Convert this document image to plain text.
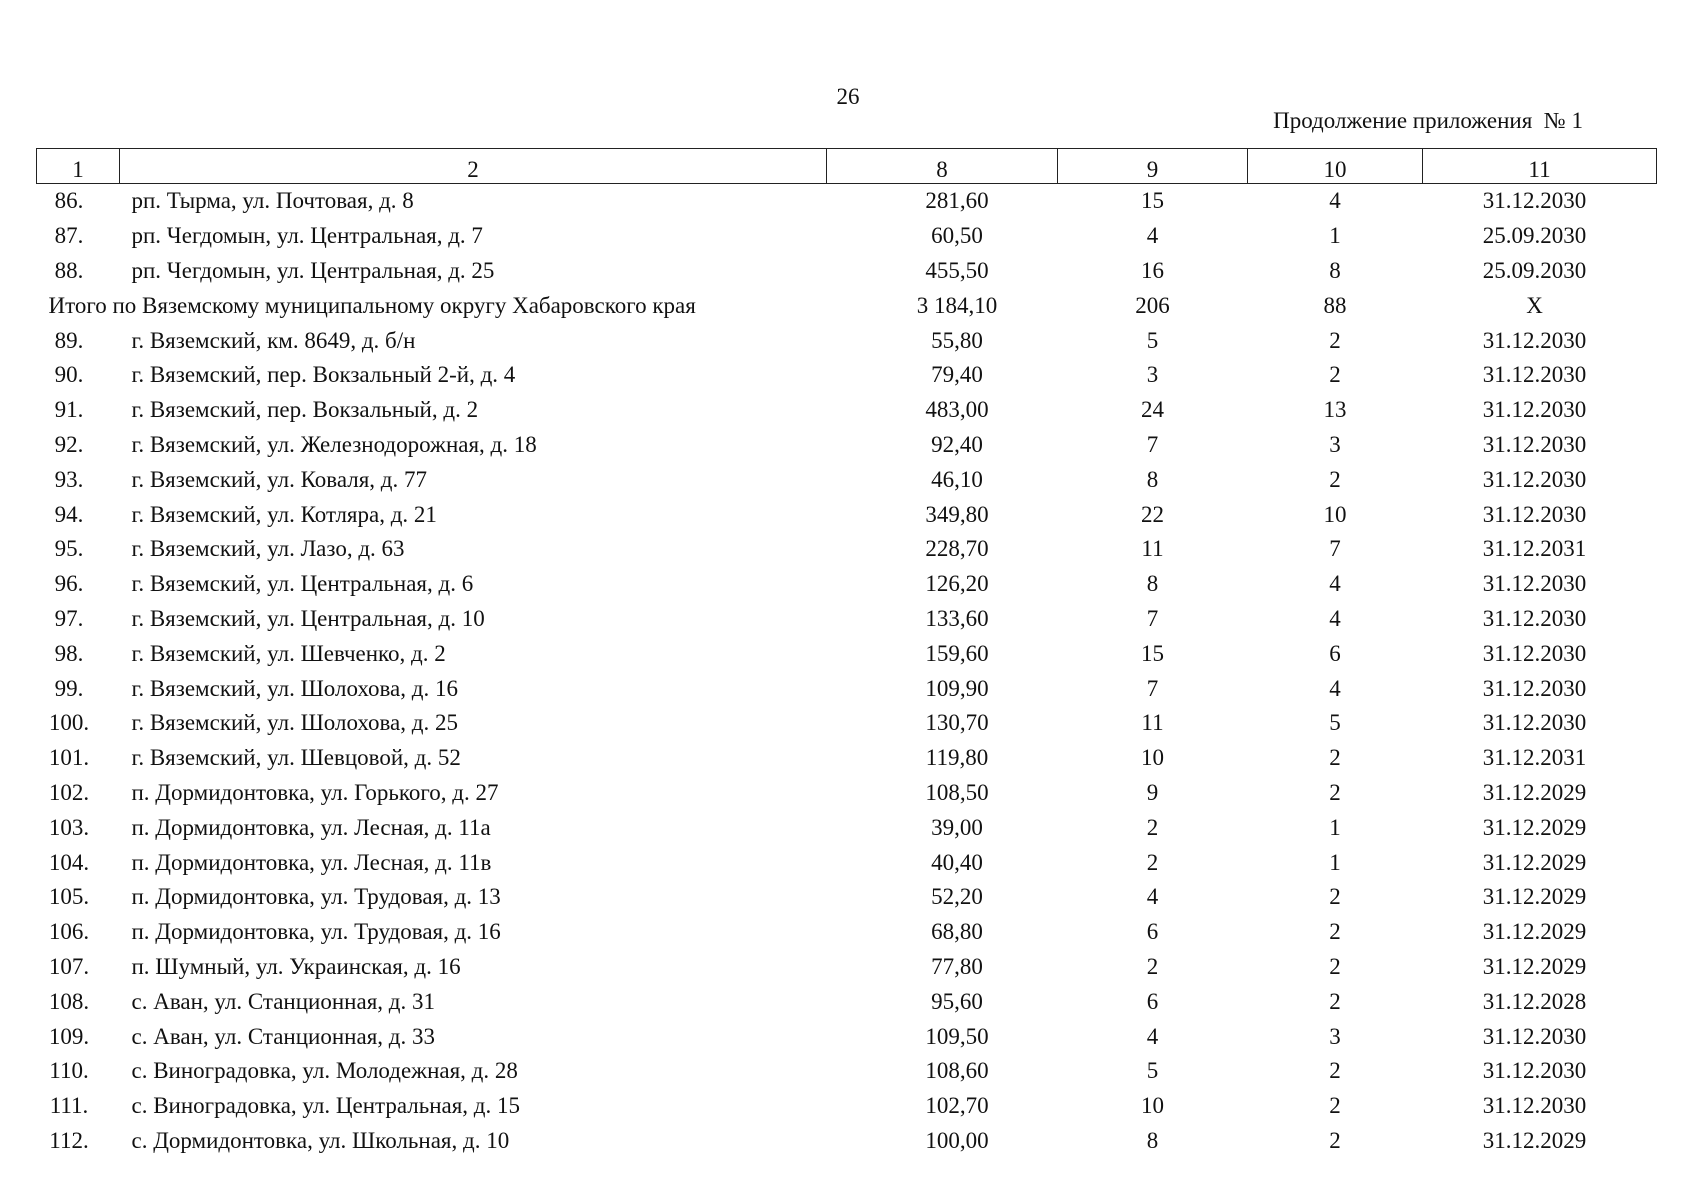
26
Продолжение приложения  № 1
1	2	8	9	10	11
86.	рп. Тырма, ул. Почтовая, д. 8	281,60	15	4	31.12.2030
87.	рп. Чегдомын, ул. Центральная, д. 7	60,50	4	1	25.09.2030
88.	рп. Чегдомын, ул. Центральная, д. 25	455,50	16	8	25.09.2030
Итого по Вяземскому муниципальному округу Хабаровского края		3 184,10	206	88	X
89.	г. Вяземский, км. 8649, д. б/н	55,80	5	2	31.12.2030
90.	г. Вяземский, пер. Вокзальный 2-й, д. 4	79,40	3	2	31.12.2030
91.	г. Вяземский, пер. Вокзальный, д. 2	483,00	24	13	31.12.2030
92.	г. Вяземский, ул. Железнодорожная, д. 18	92,40	7	3	31.12.2030
93.	г. Вяземский, ул. Коваля, д. 77	46,10	8	2	31.12.2030
94.	г. Вяземский, ул. Котляра, д. 21	349,80	22	10	31.12.2030
95.	г. Вяземский, ул. Лазо, д. 63	228,70	11	7	31.12.2031
96.	г. Вяземский, ул. Центральная, д. 6	126,20	8	4	31.12.2030
97.	г. Вяземский, ул. Центральная, д. 10	133,60	7	4	31.12.2030
98.	г. Вяземский, ул. Шевченко, д. 2	159,60	15	6	31.12.2030
99.	г. Вяземский, ул. Шолохова, д. 16	109,90	7	4	31.12.2030
100.	г. Вяземский, ул. Шолохова, д. 25	130,70	11	5	31.12.2030
101.	г. Вяземский, ул. Шевцовой, д. 52	119,80	10	2	31.12.2031
102.	п. Дормидонтовка, ул. Горького, д. 27	108,50	9	2	31.12.2029
103.	п. Дормидонтовка, ул. Лесная, д. 11а	39,00	2	1	31.12.2029
104.	п. Дормидонтовка, ул. Лесная, д. 11в	40,40	2	1	31.12.2029
105.	п. Дормидонтовка, ул. Трудовая, д. 13	52,20	4	2	31.12.2029
106.	п. Дормидонтовка, ул. Трудовая, д. 16	68,80	6	2	31.12.2029
107.	п. Шумный, ул. Украинская, д. 16	77,80	2	2	31.12.2029
108.	с. Аван, ул. Станционная, д. 31	95,60	6	2	31.12.2028
109.	с. Аван, ул. Станционная, д. 33	109,50	4	3	31.12.2030
110.	с. Виноградовка, ул. Молодежная, д. 28	108,60	5	2	31.12.2030
111.	с. Виноградовка, ул. Центральная, д. 15	102,70	10	2	31.12.2030
112.	с. Дормидонтовка, ул. Школьная, д. 10	100,00	8	2	31.12.2029
